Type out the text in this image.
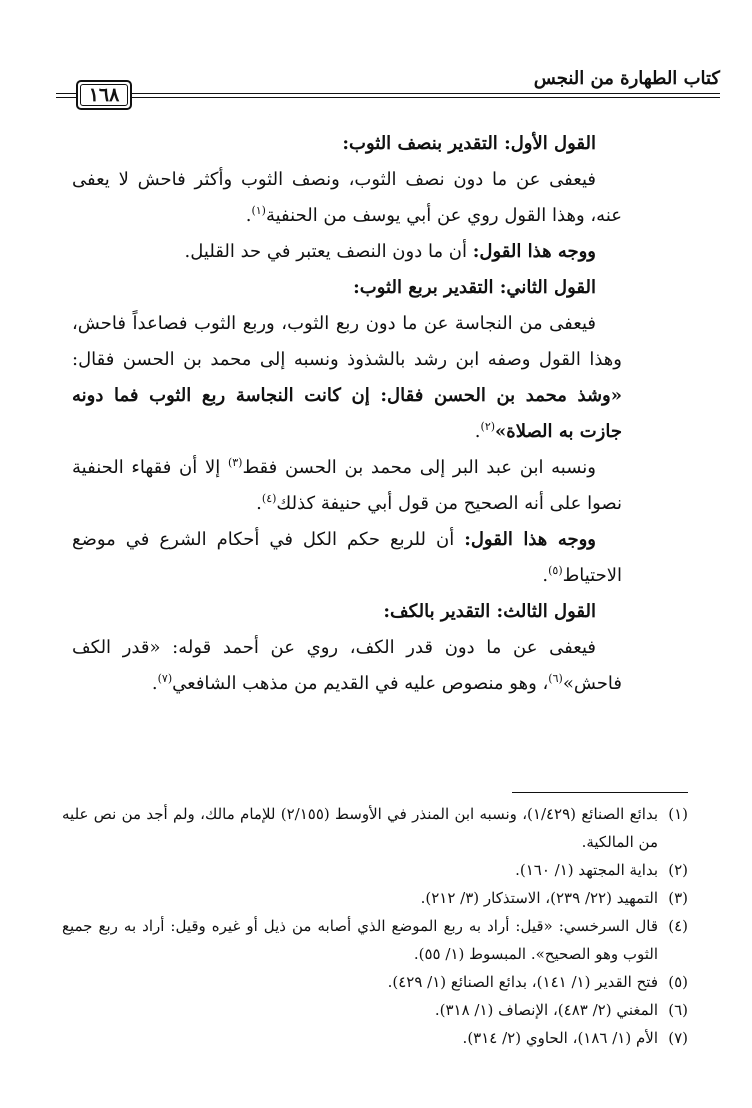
كتاب الطهارة من النجس
١٦٨

القول الأول: التقدير بنصف الثوب:

فيعفى عن ما دون نصف الثوب، ونصف الثوب وأكثر فاحش لا يعفى عنه، وهذا القول روي عن أبي يوسف من الحنفية$^{(١)}$.

ووجه هذا القول: أن ما دون النصف يعتبر في حد القليل.

القول الثاني: التقدير بربع الثوب:

فيعفى من النجاسة عن ما دون ربع الثوب، وربع الثوب فصاعداً فاحش، وهذا القول وصفه ابن رشد بالشذوذ ونسبه إلى محمد بن الحسن فقال: «وشذ محمد بن الحسن فقال: إن كانت النجاسة ربع الثوب فما دونه جازت به الصلاة»$^{(٢)}$.

ونسبه ابن عبد البر إلى محمد بن الحسن فقط$^{(٣)}$ إلا أن فقهاء الحنفية نصوا على أنه الصحيح من قول أبي حنيفة كذلك$^{(٤)}$.

ووجه هذا القول: أن للربع حكم الكل في أحكام الشرع في موضع الاحتياط$^{(٥)}$.

القول الثالث: التقدير بالكف:

فيعفى عن ما دون قدر الكف، روي عن أحمد قوله: «قدر الكف فاحش»$^{(٦)}$، وهو منصوص عليه في القديم من مذهب الشافعي$^{(٧)}$.

(١)
بدائع الصنائع (١/٤٢٩)، ونسبه ابن المنذر في الأوسط (٢/١٥٥) للإمام مالك، ولم أجد من نص عليه من المالكية.
(٢)
بداية المجتهد (١/ ١٦٠).
(٣)
التمهيد (٢٢/ ٢٣٩)، الاستذكار (٣/ ٢١٢).
(٤)
قال السرخسي: «قيل: أراد به ربع الموضع الذي أصابه من ذيل أو غيره وقيل: أراد به ربع جميع الثوب وهو الصحيح». المبسوط (١/ ٥٥).
(٥)
فتح القدير (١/ ١٤١)، بدائع الصنائع (١/ ٤٢٩).
(٦)
المغني (٢/ ٤٨٣)، الإنصاف (١/ ٣١٨).
(٧)
الأم (١/ ١٨٦)، الحاوي (٢/ ٣١٤).
